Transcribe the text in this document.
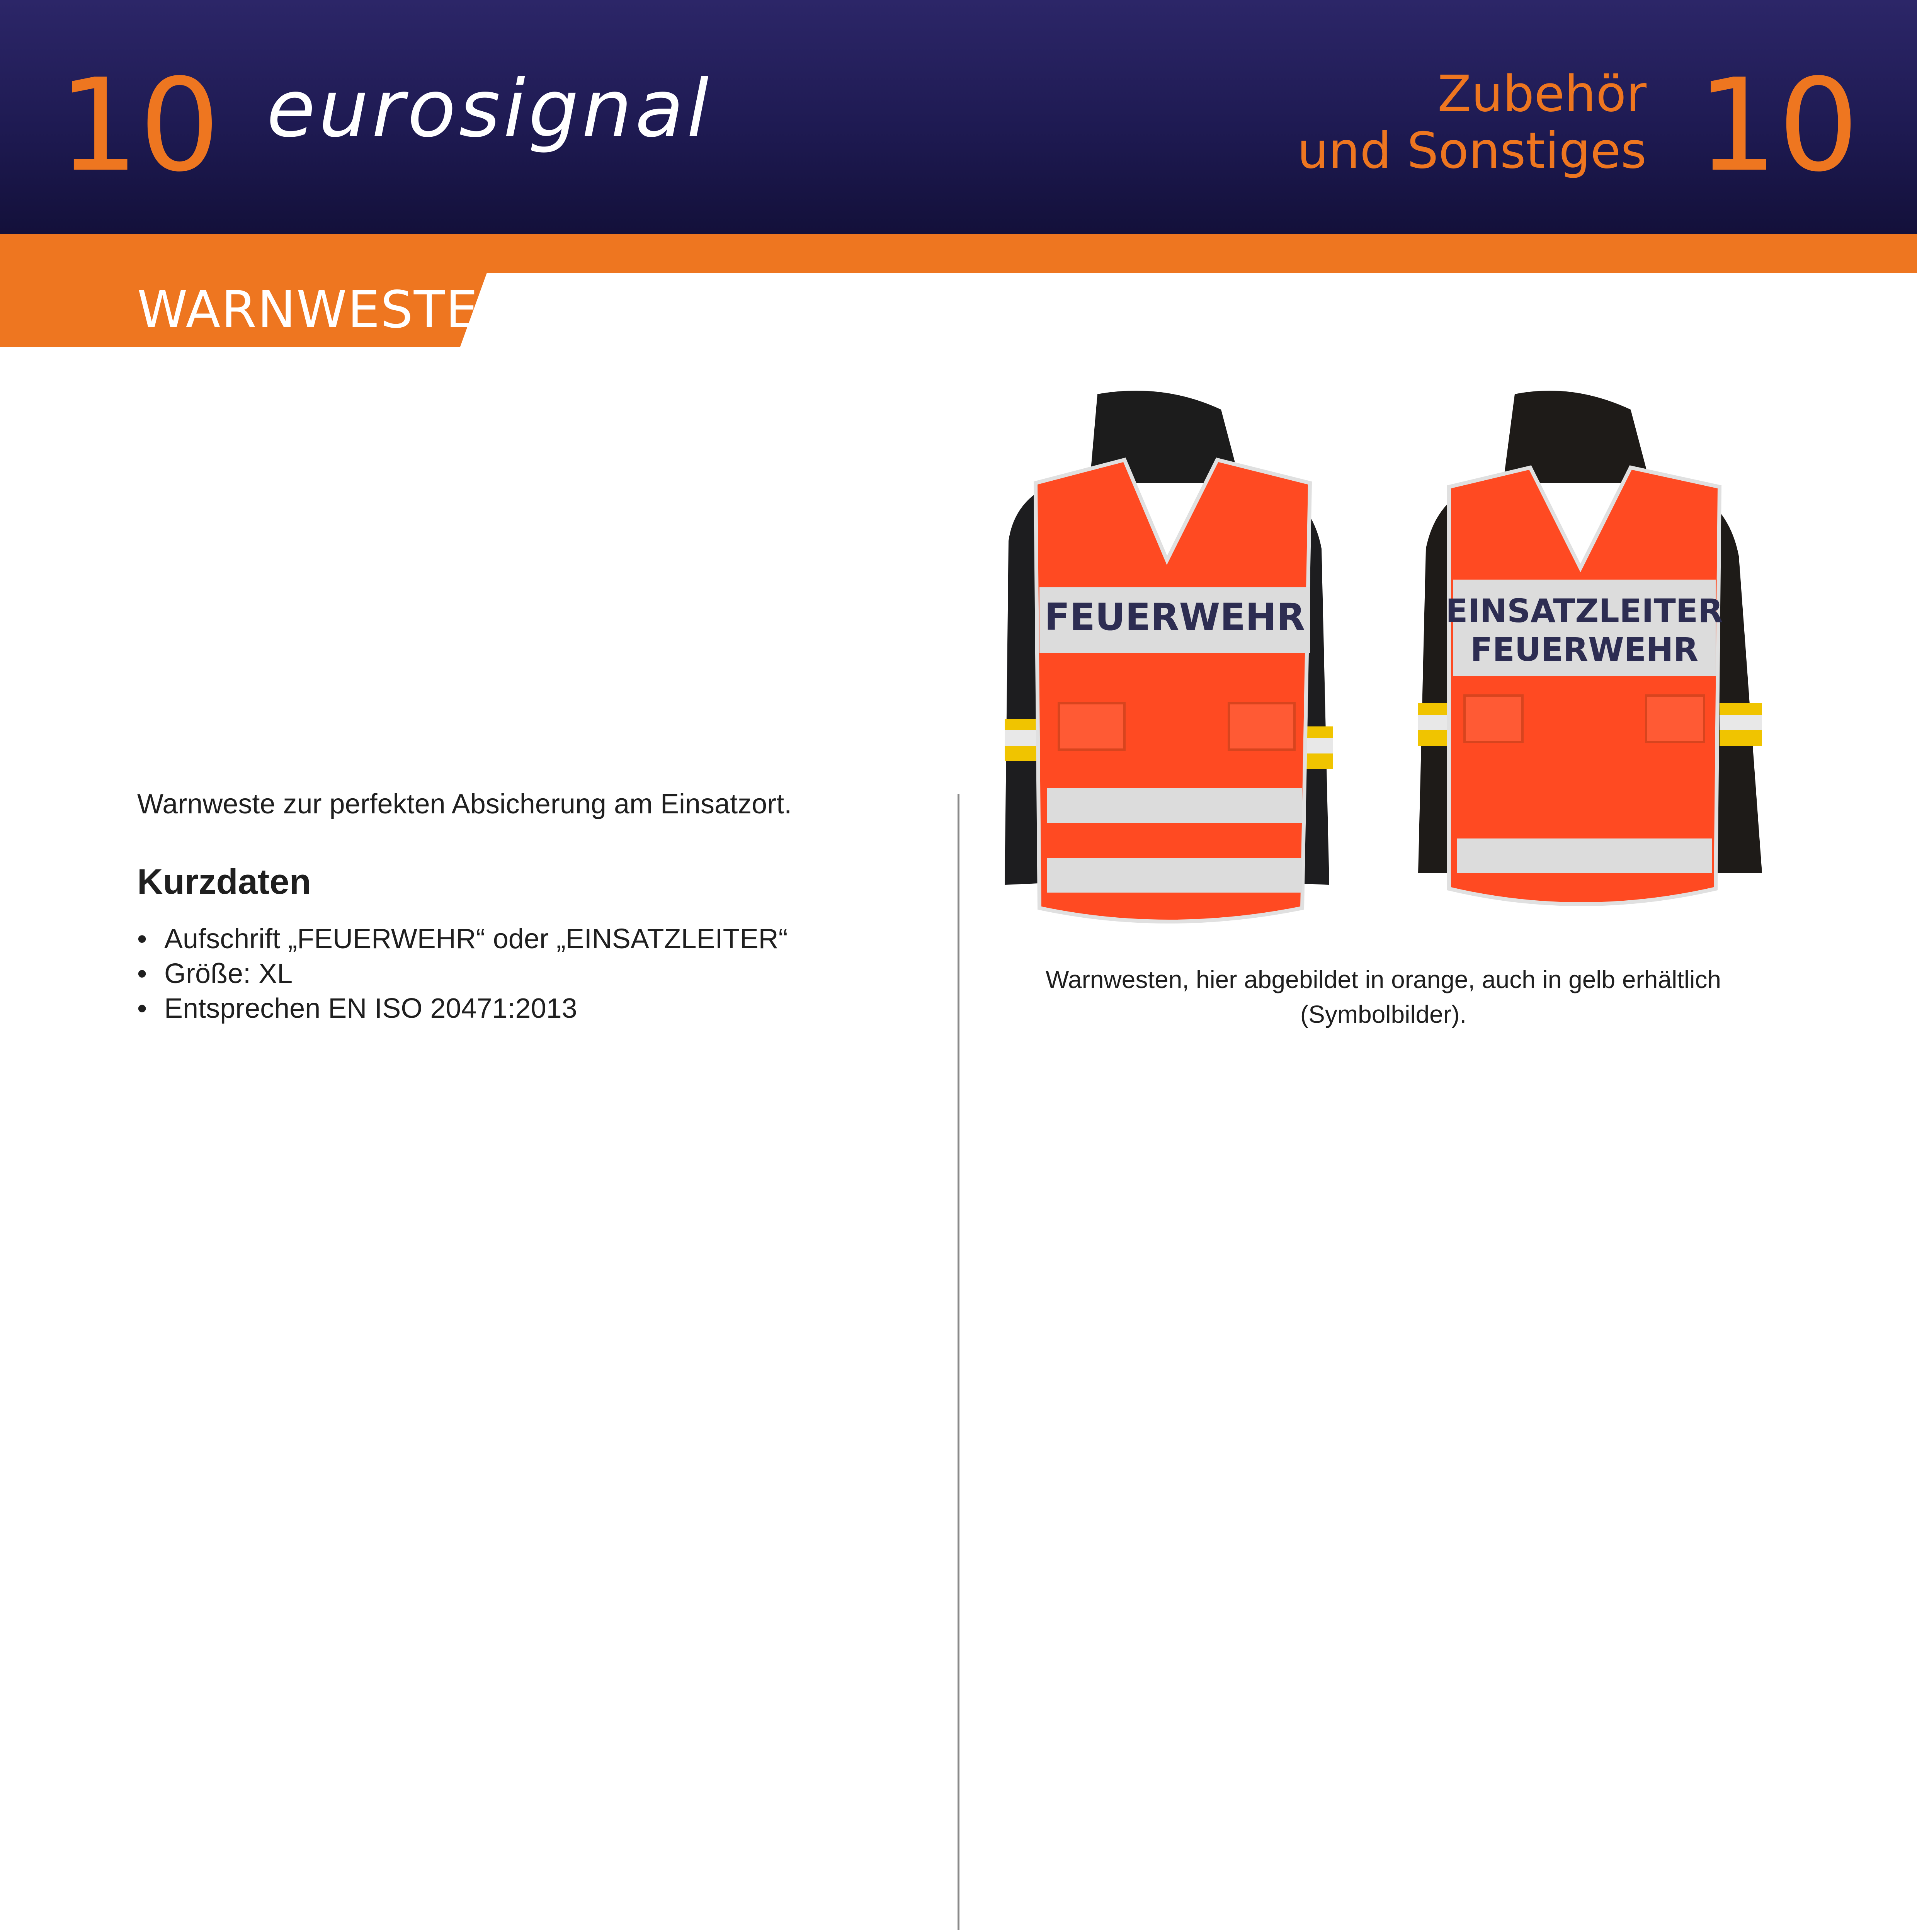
10 eurosignal	Zubehör
und Sonstiges 10
WARNWESTE
Warnweste zur perfekten Absicherung am Einsatzort.
Kurzdaten
• Aufschrift „FEUERWEHR“ oder „EINSATZLEITER“
• Größe: XL
• Entsprechen EN ISO 20471:2013
FEUERWEHR	EINSATZLEITER
FEUERWEHR
Warnwesten, hier abgebildet in orange, auch in gelb erhältlich
(Symbolbilder).
